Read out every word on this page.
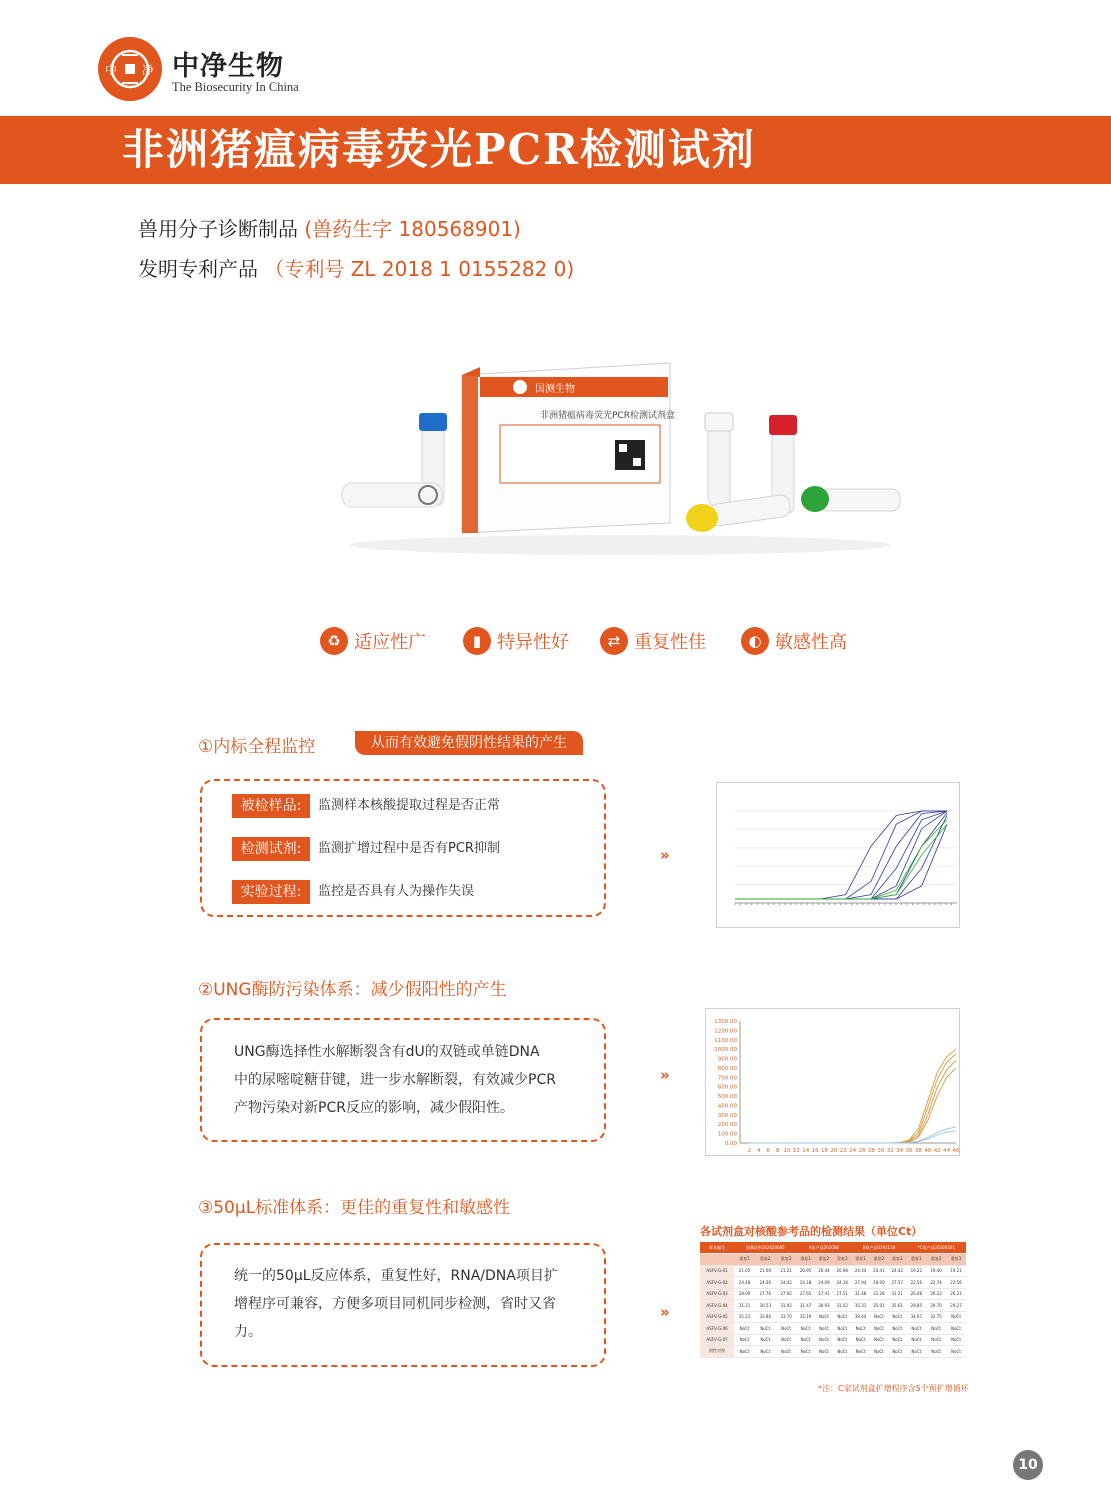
中 净 中净生物
The Biosecurity In China
非洲猪瘟病毒荧光PCR检测试剂
兽用分子诊断制品 (兽药生字 180568901)
发明专利产品 （专利号 ZL 2018 1 0155282 0)
非洲猪瘟病毒荧光PCR检测试剂盒
国测生物
♻ 适应性广	▮ 特异性好	⇄ 重复性佳	◐ 敏感性高
①内标全程监控	从而有效避免假阴性结果的产生
被检样品:	监测样本核酸提取过程是否正常
检测试剂:	监测扩增过程中是否有PCR抑制
实验过程:	监控是否具有人为操作失误
»
②UNG酶防污染体系：减少假阳性的产生
UNG酶选择性水解断裂含有dU的双链或单链DNA
中的尿嘧啶糖苷键，进一步水解断裂，有效减少PCR
产物污染对新PCR反应的影响，减少假阳性。
»
0.00
100.00
200.00
300.00
400.00
500.00
600.00
700.00
800.00
900.00
1000.00
1100.00
1200.00
1300.00
2 4 6 8 10 12 14 16 18 20 22 24 26 28 30 32 34 36 38 40 42 44 46
③50μL标准体系：更佳的重复性和敏感性
统一的50μL反应体系，重复性好，RNA/DNA项目扩
增程序可兼容，方便多项目同机同步检测，省时又省
力。
»
各试剂盒对核酸参考品的检测结果（单位Ct）
样本编号	国测试剂342020085			A家产品202006			B家产品0191118			*C家产品20200301		
	重复1	重复2	重复3	重复1	重复2	重复3	重复1	重复2	重复3	重复1	重复2	重复3
ASFV-G-01	21.05	21.00	21.21	20.95	20.44	20.98	24.44	24.41	24.42	19.22	19.40	19.21
ASFV-G-02	24.48	24.36	24.42	24.18	24.09	24.16	27.94	28.09	27.57	22.56	22.74	22.56
ASFV-G-03	28.00	27.76	27.92	27.65	27.41	27.51	31.48	31.28	31.21	26.08	26.22	26.21
ASFV-G-04	31.21	30.53	31.92	31.47	30.93	31.02	35.31	35.01	35.61	29.85	29.70	29.27
ASFV-G-05	35.21	33.80	33.70	35.19	NoCt	NoCt	39.44	NoCt	NoCt	34.67	32.75	NoCt
ASFV-G-06	NoCt	NoCt	NoCt	NoCt	NoCt	NoCt	NoCt	NoCt	NoCt	NoCt	NoCt	NoCt
ASFV-G-07	NoCt	NoCt	NoCt	NoCt	NoCt	NoCt	NoCt	NoCt	NoCt	NoCt	NoCt	NoCt
阴性对照	NoCt	NoCt	NoCt	NoCt	NoCt	NoCt	NoCt	NoCt	NoCt	NoCt	NoCt	NoCt
*注：C家试剂盒扩增程序含5个预扩增循环
10
